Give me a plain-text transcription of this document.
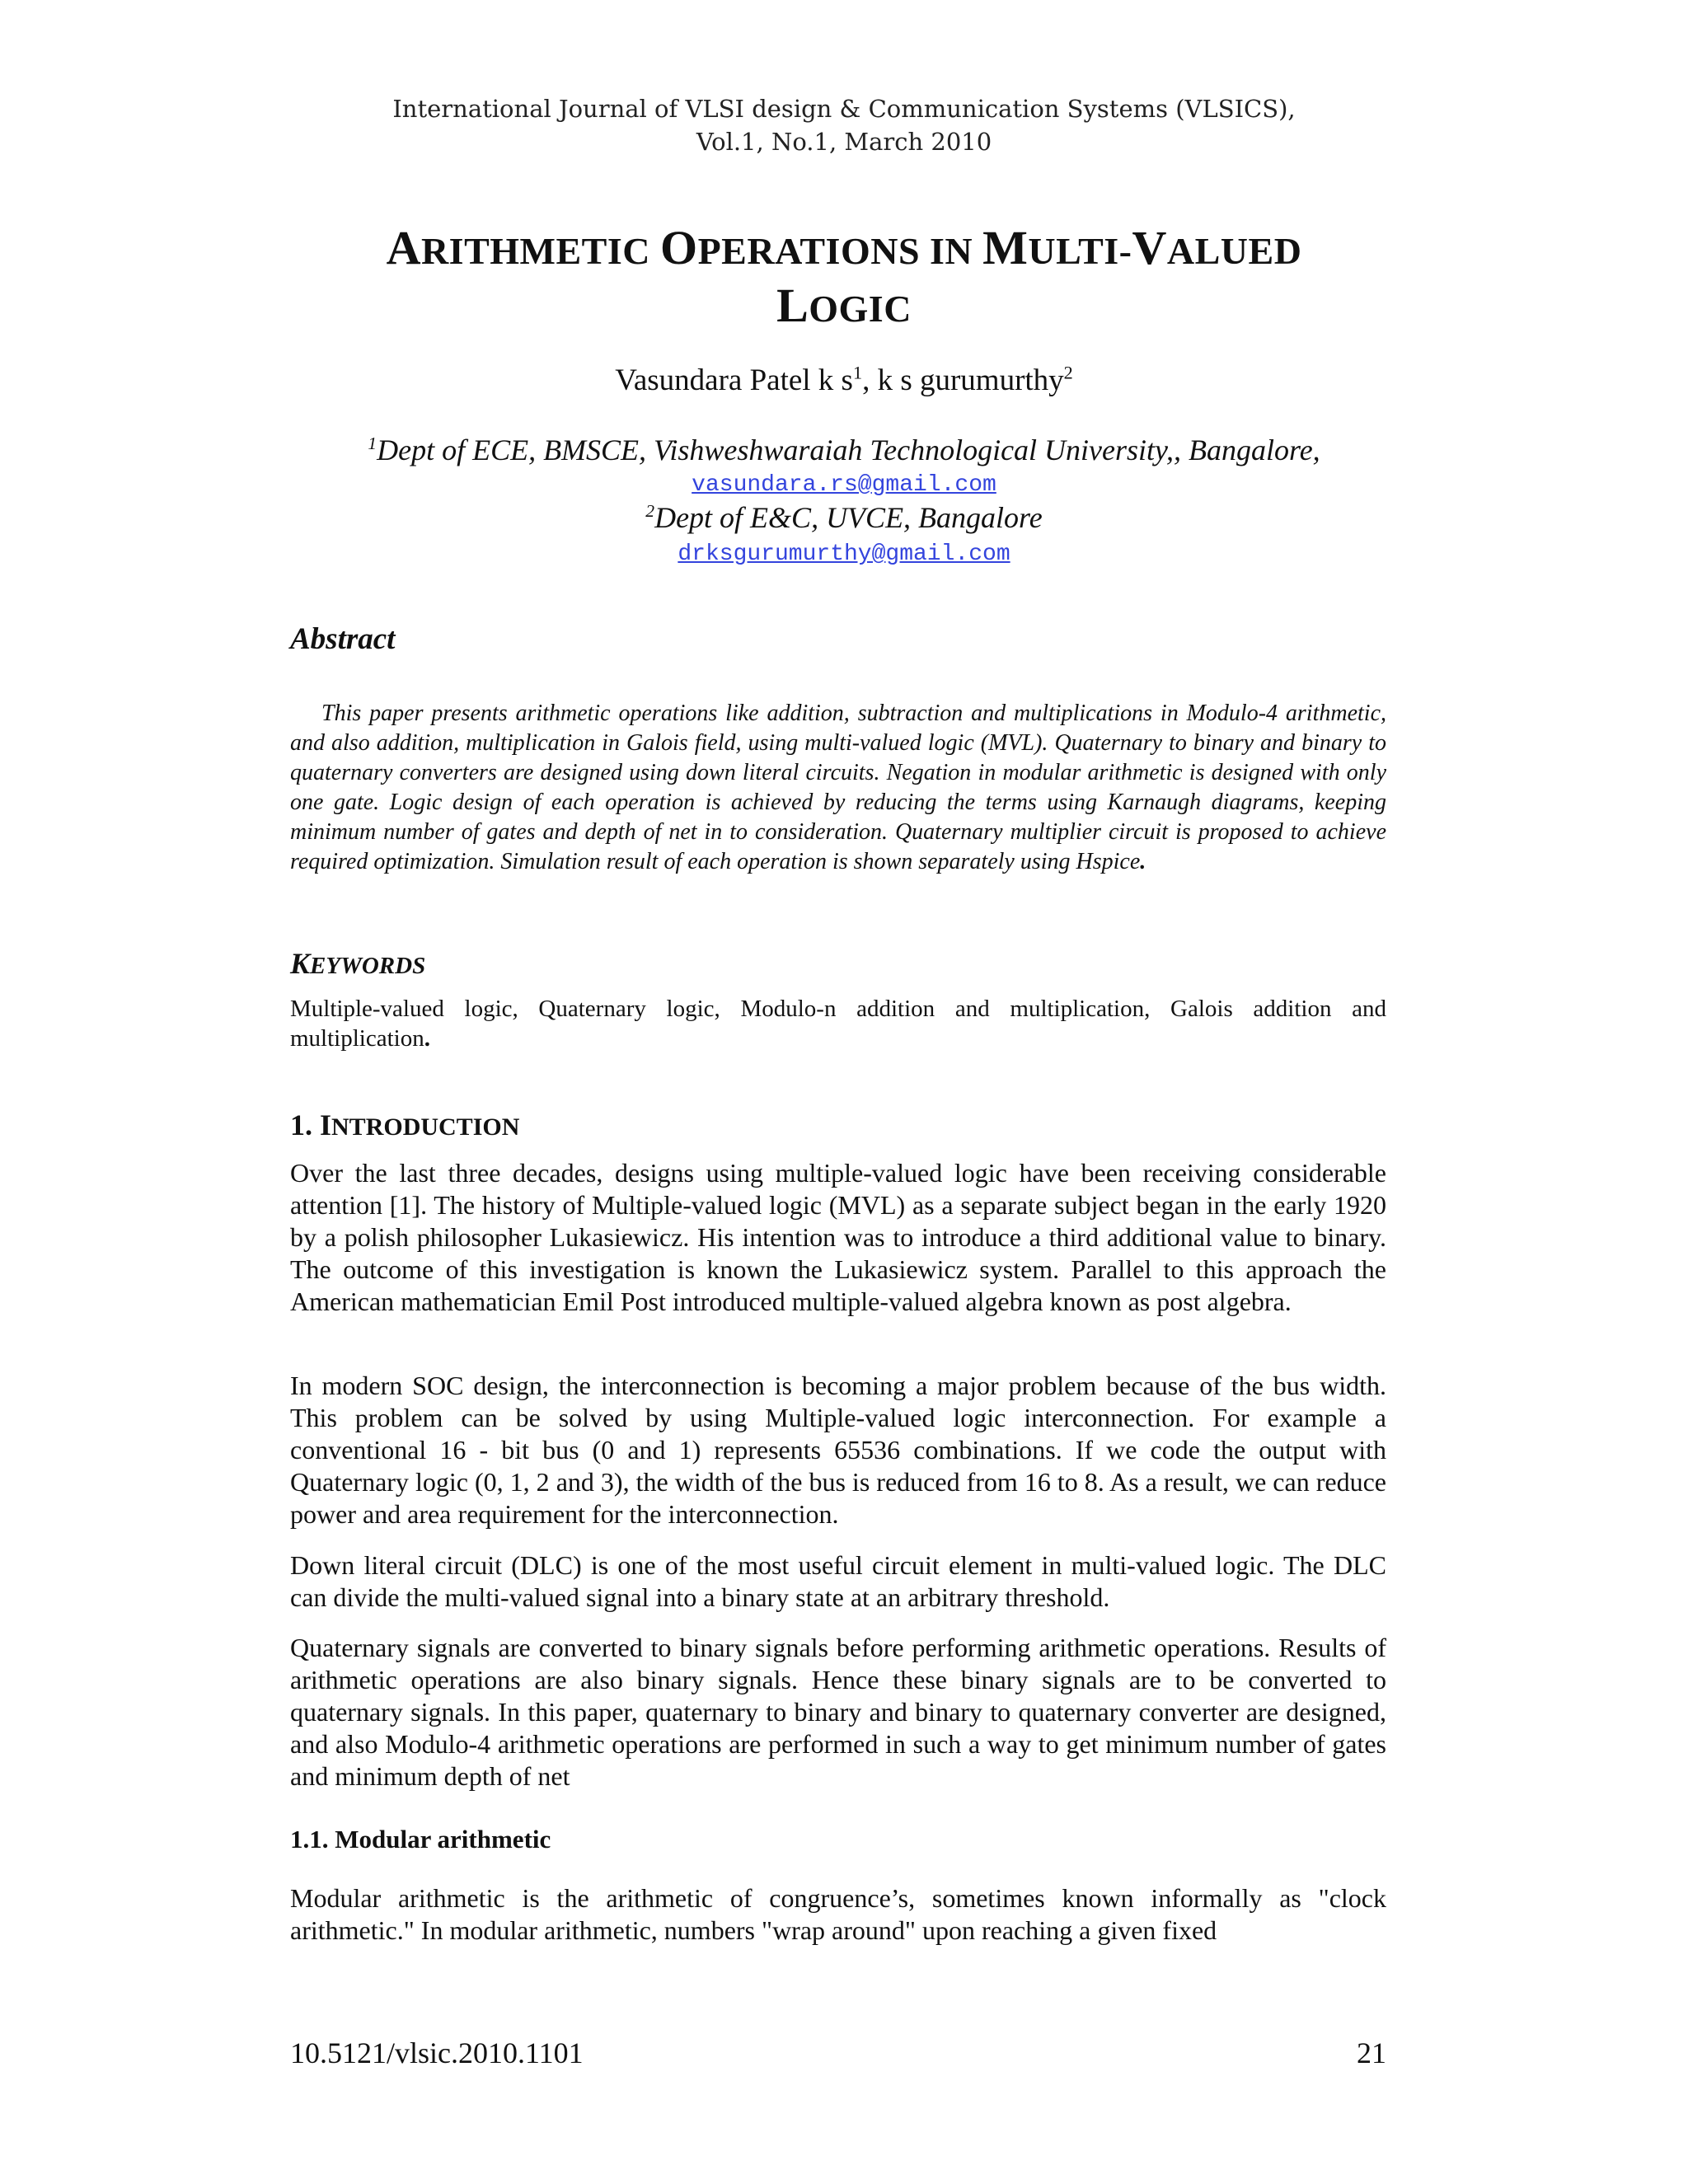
International Journal of VLSI design & Communication Systems (VLSICS),
Vol.1, No.1, March 2010
ARITHMETIC OPERATIONS IN MULTI-VALUED
LOGIC
Vasundara Patel k $s^1$, k s gurumurthy$^2$
$^1$Dept of ECE, BMSCE, Vishweshwaraiah Technological University,, Bangalore,
vasundara.rs@gmail.com
$^2$Dept of E&C, UVCE, Bangalore
drksgurumurthy@gmail.com
Abstract
This paper presents arithmetic operations like addition, subtraction and multiplications in Modulo-4 arithmetic, and also addition, multiplication in Galois field, using multi-valued logic (MVL). Quaternary to binary and binary to quaternary converters are designed using down literal circuits. Negation in modular arithmetic is designed with only one gate. Logic design of each operation is achieved by reducing the terms using Karnaugh diagrams, keeping minimum number of gates and depth of net in to consideration. Quaternary multiplier circuit is proposed to achieve required optimization. Simulation result of each operation is shown separately using Hspice.
KEYWORDS
Multiple-valued logic, Quaternary logic, Modulo-n addition and multiplication, Galois addition and multiplication.
1. INTRODUCTION
Over the last three decades, designs using multiple-valued logic have been receiving considerable attention [1]. The history of Multiple-valued logic (MVL) as a separate subject began in the early 1920 by a polish philosopher Lukasiewicz. His intention was to introduce a third additional value to binary. The outcome of this investigation is known the Lukasiewicz system. Parallel to this approach the American mathematician Emil Post introduced multiple-valued algebra known as post algebra.
In modern SOC design, the interconnection is becoming a major problem because of the bus width. This problem can be solved by using Multiple-valued logic interconnection. For example a conventional 16 - bit bus (0 and 1) represents 65536 combinations. If we code the output with Quaternary logic (0, 1, 2 and 3), the width of the bus is reduced from 16 to 8. As a result, we can reduce power and area requirement for the interconnection.
Down literal circuit (DLC) is one of the most useful circuit element in multi-valued logic. The DLC can divide the multi-valued signal into a binary state at an arbitrary threshold.
Quaternary signals are converted to binary signals before performing arithmetic operations. Results of arithmetic operations are also binary signals. Hence these binary signals are to be converted to quaternary signals. In this paper, quaternary to binary and binary to quaternary converter are designed, and also Modulo-4 arithmetic operations are performed in such a way to get minimum number of gates and minimum depth of net
1.1. Modular arithmetic
Modular arithmetic is the arithmetic of congruence’s, sometimes known informally as "clock arithmetic." In modular arithmetic, numbers "wrap around" upon reaching a given fixed
10.5121/vlsic.2010.1101	21
